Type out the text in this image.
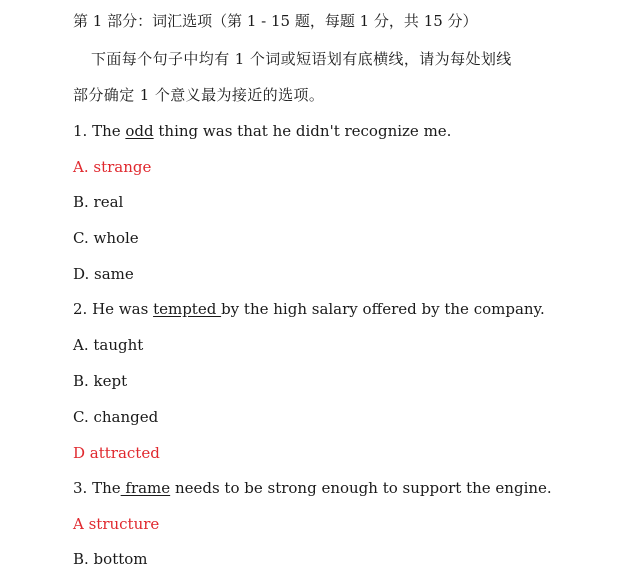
第 1 部分：词汇选项（第 1 - 15 题，每题 1 分，共 15 分）
下面每个句子中均有 1 个词或短语划有底横线，请为每处划线
部分确定 1 个意义最为接近的选项。
1. The odd thing was that he didn't recognize me.
A. strange
B. real
C. whole
D. same
2. He was tempted by the high salary offered by the company.
A. taught
B. kept
C. changed
D attracted
3. The frame needs to be strong enough to support the engine.
A structure
B. bottom
